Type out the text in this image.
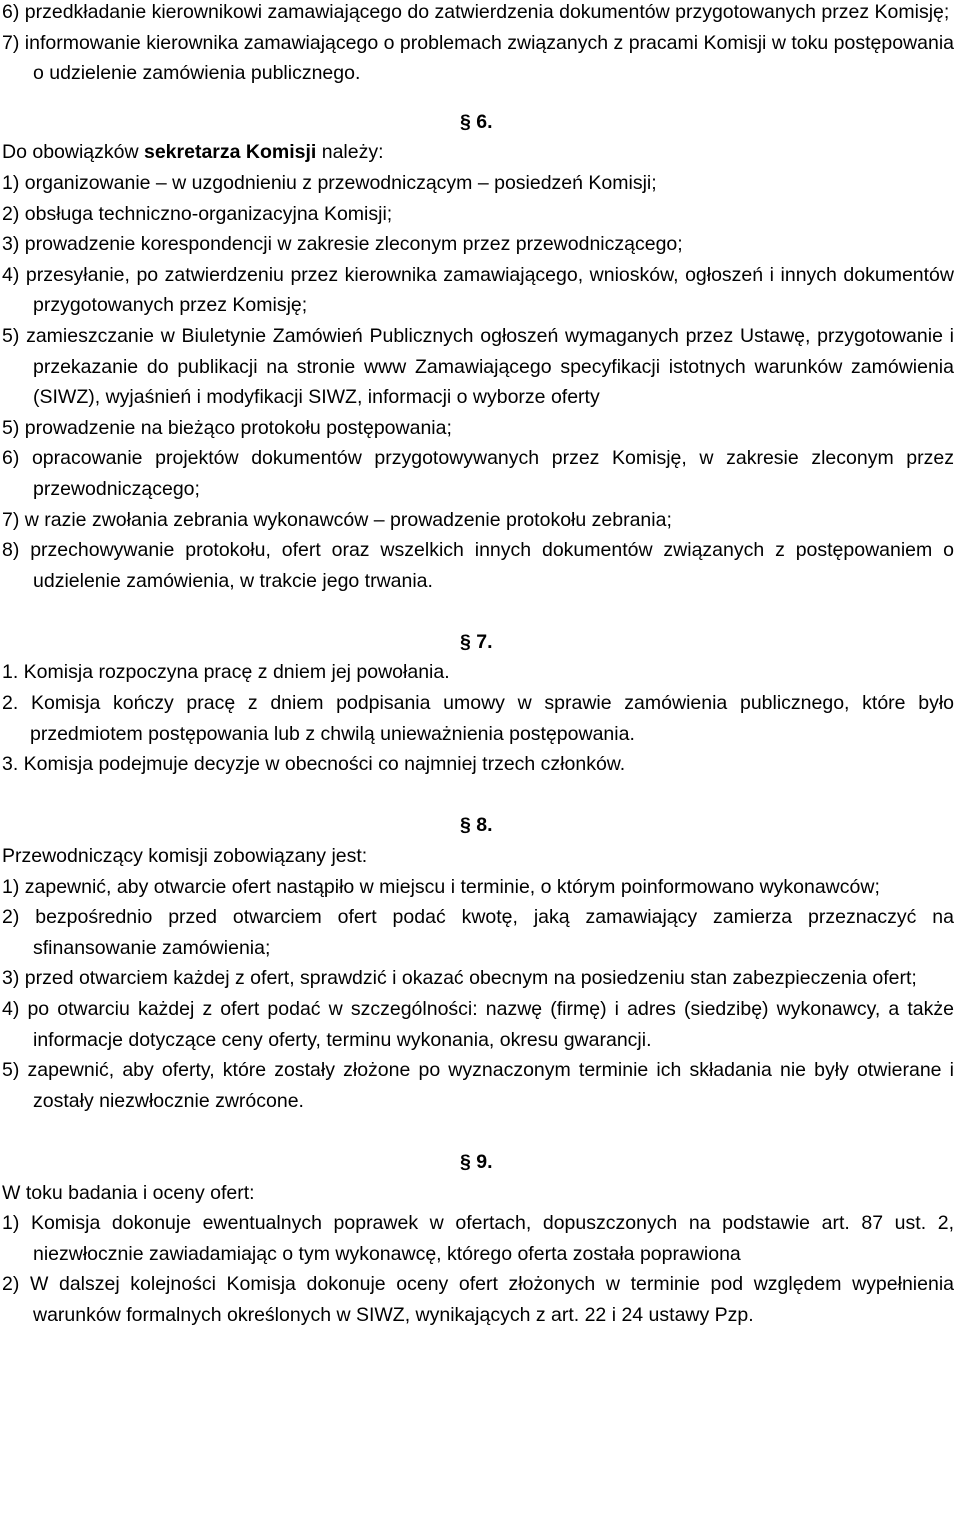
6) przedkładanie kierownikowi zamawiającego do zatwierdzenia dokumentów przygotowanych przez Komisję;

7) informowanie kierownika zamawiającego o problemach związanych z pracami Komisji w toku postępowania o udzielenie zamówienia publicznego.

§ 6.

Do obowiązków sekretarza Komisji należy:

1) organizowanie – w uzgodnieniu z przewodniczącym – posiedzeń Komisji;

2) obsługa techniczno-organizacyjna Komisji;

3) prowadzenie korespondencji w zakresie zleconym przez przewodniczącego;

4) przesyłanie, po zatwierdzeniu przez kierownika zamawiającego, wniosków, ogłoszeń i innych dokumentów przygotowanych przez Komisję;

5) zamieszczanie w Biuletynie Zamówień Publicznych ogłoszeń wymaganych przez Ustawę, przygotowanie i przekazanie do publikacji na stronie www Zamawiającego specyfikacji istotnych warunków zamówienia (SIWZ), wyjaśnień i modyfikacji SIWZ, informacji o wyborze oferty

5) prowadzenie na bieżąco protokołu postępowania;

6) opracowanie projektów dokumentów przygotowywanych przez Komisję, w zakresie zleconym przez przewodniczącego;

7) w razie zwołania zebrania wykonawców – prowadzenie protokołu zebrania;

8) przechowywanie protokołu, ofert oraz wszelkich innych dokumentów związanych z postępowaniem o udzielenie zamówienia, w trakcie jego trwania.

§ 7.

1. Komisja rozpoczyna pracę z dniem jej powołania.

2. Komisja kończy pracę z dniem podpisania umowy w sprawie zamówienia publicznego, które było przedmiotem postępowania lub z chwilą unieważnienia postępowania.

3. Komisja podejmuje decyzje w obecności co najmniej trzech członków.

§ 8.

Przewodniczący komisji zobowiązany jest:

1) zapewnić, aby otwarcie ofert nastąpiło w miejscu i terminie, o którym poinformowano wykonawców;

2) bezpośrednio przed otwarciem ofert podać kwotę, jaką zamawiający zamierza przeznaczyć na sfinansowanie zamówienia;

3) przed otwarciem każdej z ofert, sprawdzić i okazać obecnym na posiedzeniu stan zabezpieczenia ofert;

4) po otwarciu każdej z ofert podać w szczególności: nazwę (firmę) i adres (siedzibę) wykonawcy, a także informacje dotyczące ceny oferty, terminu wykonania, okresu gwarancji.

5) zapewnić, aby oferty, które zostały złożone po wyznaczonym terminie ich składania nie były otwierane i zostały niezwłocznie zwrócone.

§ 9.

W toku badania i oceny ofert:

1) Komisja dokonuje ewentualnych poprawek w ofertach, dopuszczonych na podstawie art. 87 ust. 2, niezwłocznie zawiadamiając o tym wykonawcę, którego oferta została poprawiona

2) W dalszej kolejności Komisja dokonuje oceny ofert złożonych w terminie pod względem wypełnienia warunków formalnych określonych w SIWZ, wynikających z art. 22 i 24 ustawy Pzp.
